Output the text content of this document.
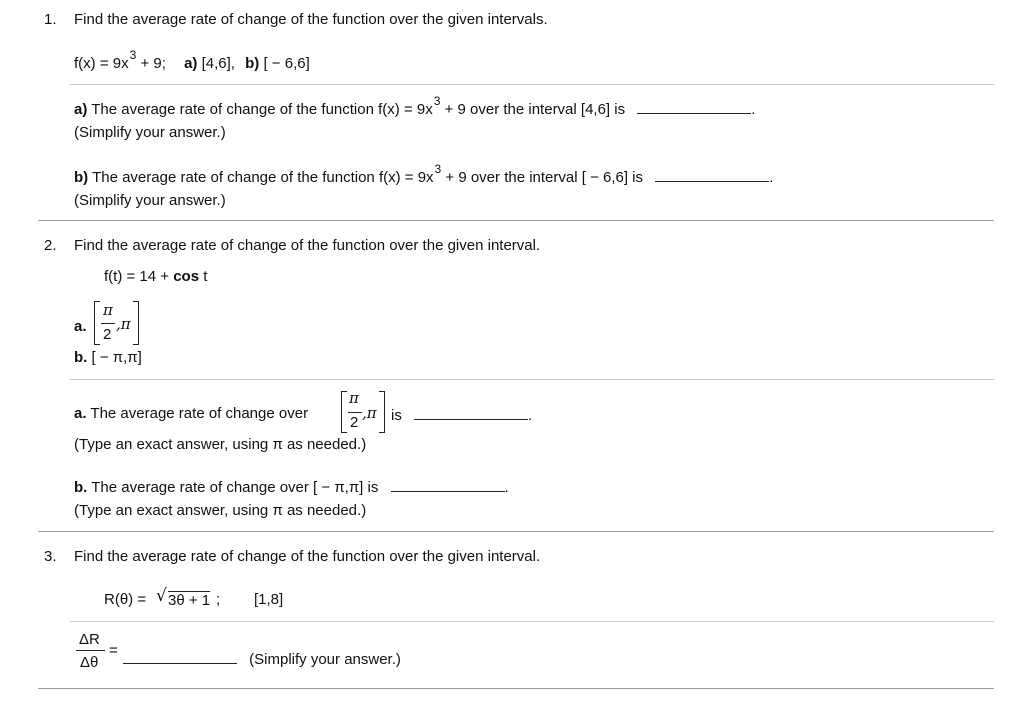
1. Find the average rate of change of the function over the given intervals.
$f(x) = 9x^3 + 9$; a) [4,6], b) [ − 6,6]
a) The average rate of change of the function $f(x) = 9x^3 + 9$ over the interval [4,6] is	.
(Simplify your answer.)
b) The average rate of change of the function $f(x) = 9x^3 + 9$ over the interval [ − 6,6] is	.
(Simplify your answer.)
2. Find the average rate of change of the function over the given interval.
f(t) = 14 + cos t
a.
π
2
,π
b. [ − π,π]
a. The average rate of change over
π
2
,π is	.
(Type an exact answer, using π as needed.)
b. The average rate of change over [ − π,π] is	.
(Type an exact answer, using π as needed.)
3. Find the average rate of change of the function over the given interval.
R(θ) = √ 3θ + 1 ; [1,8]
ΔR
Δθ
=
(Simplify your answer.)
